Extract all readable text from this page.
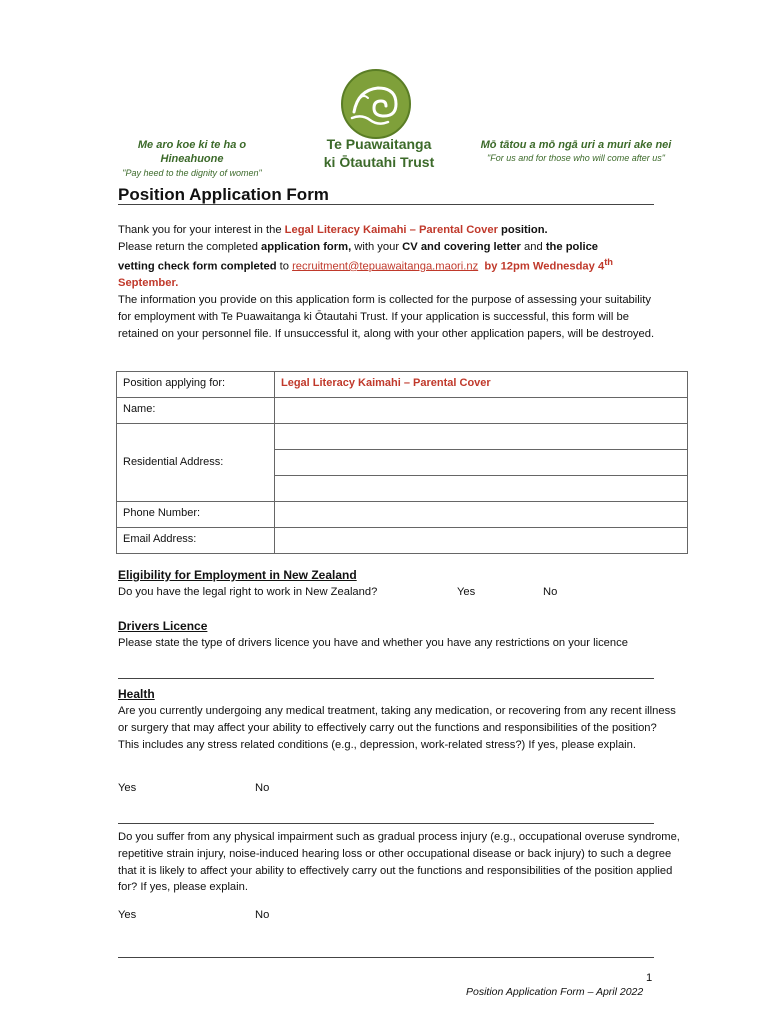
Me aro koe ki te ha o Hineahuone
"Pay heed to the dignity of women"
Te Puawaitanga
ki Ōtautahi Trust
Mō tātou a mō ngā uri a muri ake nei
"For us and for those who will come after us"
Position Application Form
Thank you for your interest in the Legal Literacy Kaimahi – Parental Cover position.
Please return the completed application form, with your CV and covering letter and the police
vetting check form completed to recruitment@tepuawaitanga.maori.nz by 12pm Wednesday 4th
September.
The information you provide on this application form is collected for the purpose of assessing your suitability for employment with Te Puawaitanga ki Ōtautahi Trust. If your application is successful, this form will be retained on your personnel file. If unsuccessful it, along with your other application papers, will be destroyed.
Position applying for:	Legal Literacy Kaimahi – Parental Cover
Name:	
Residential Address:	

Phone Number:	
Email Address:	
Eligibility for Employment in New Zealand
Do you have the legal right to work in New Zealand?	Yes	No
Drivers Licence
Please state the type of drivers licence you have and whether you have any restrictions on your licence
Health
Are you currently undergoing any medical treatment, taking any medication, or recovering from any recent illness or surgery that may affect your ability to effectively carry out the functions and responsibilities of the position? This includes any stress related conditions (e.g., depression, work-related stress?) If yes, please explain.
Yes	No
Do you suffer from any physical impairment such as gradual process injury (e.g., occupational overuse syndrome, repetitive strain injury, noise-induced hearing loss or other occupational disease or back injury) to such a degree that it is likely to affect your ability to effectively carry out the functions and responsibilities of the position applied for? If yes, please explain.
Yes	No
1
Position Application Form – April 2022
